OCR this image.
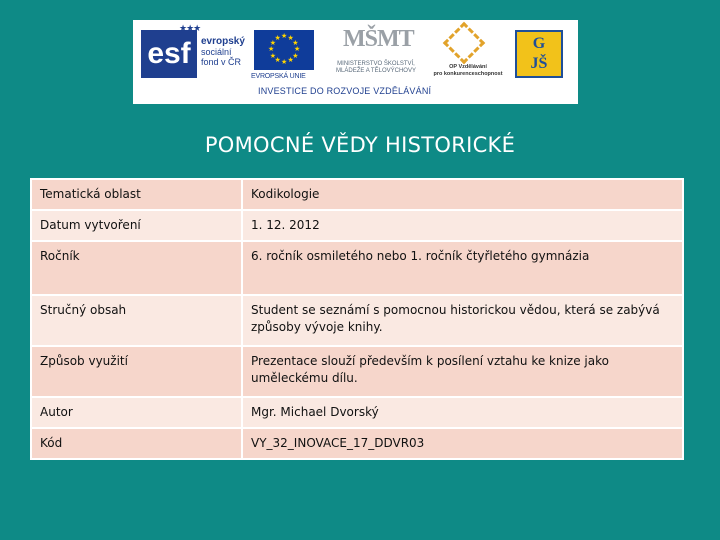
esf
★★★
evropský
sociální
fond v ČR
★
★
★
★
★
★
★
★
★ ★ ★
★
EVROPSKÁ UNIE
MŠMT
MINISTERSTVO ŠKOLSTVÍ,
MLÁDEŽE A TĚLOVÝCHOVY
OP Vzdělávání
pro konkurenceschopnost
G
JŠ
INVESTICE DO ROZVOJE VZDĚLÁVÁNÍ
POMOCNÉ VĚDY HISTORICKÉ
Tematická oblast	Kodikologie
Datum vytvoření	1. 12. 2012
Ročník	6. ročník osmiletého nebo 1. ročník čtyřletého gymnázia
Stručný obsah	Student se seznámí s pomocnou historickou vědou, která se zabývá způsoby vývoje knihy.
Způsob využití	Prezentace slouží především k posílení vztahu ke knize jako uměleckému dílu.
Autor	Mgr. Michael Dvorský
Kód	VY_32_INOVACE_17_DDVR03
